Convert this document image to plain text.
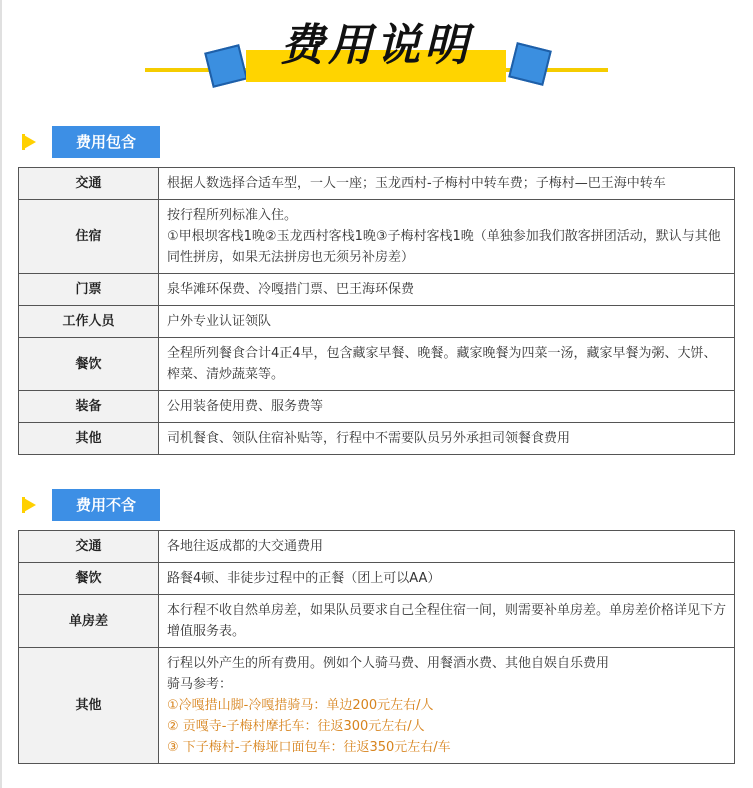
费用说明
费用包含
交通	根据人数选择合适车型，一人一座；玉龙西村-子梅村中转车费；子梅村—巴王海中转车

住宿	按行程所列标准入住。
①甲根坝客栈1晚②玉龙西村客栈1晚③子梅村客栈1晚（单独参加我们散客拼团活动，默认与其他同性拼房，如果无法拼房也无须另补房差）

门票	泉华滩环保费、冷嘎措门票、巴王海环保费

工作人员	户外专业认证领队

餐饮	全程所列餐食合计4正4早，包含藏家早餐、晚餐。藏家晚餐为四菜一汤，藏家早餐为粥、大饼、榨菜、清炒蔬菜等。

装备	公用装备使用费、服务费等

其他	司机餐食、领队住宿补贴等，行程中不需要队员另外承担司领餐食费用
费用不含
交通	各地往返成都的大交通费用

餐饮	路餐4顿、非徒步过程中的正餐（团上可以AA）

单房差	本行程不收自然单房差，如果队员要求自己全程住宿一间，则需要补单房差。单房差价格详见下方增值服务表。

其他	行程以外产生的所有费用。例如个人骑马费、用餐酒水费、其他自娱自乐费用
骑马参考：
①冷嘎措山脚-冷嘎措骑马：单边200元左右/人
② 贡嘎寺-子梅村摩托车：往返300元左右/人
③ 下子梅村-子梅垭口面包车：往返350元左右/车
